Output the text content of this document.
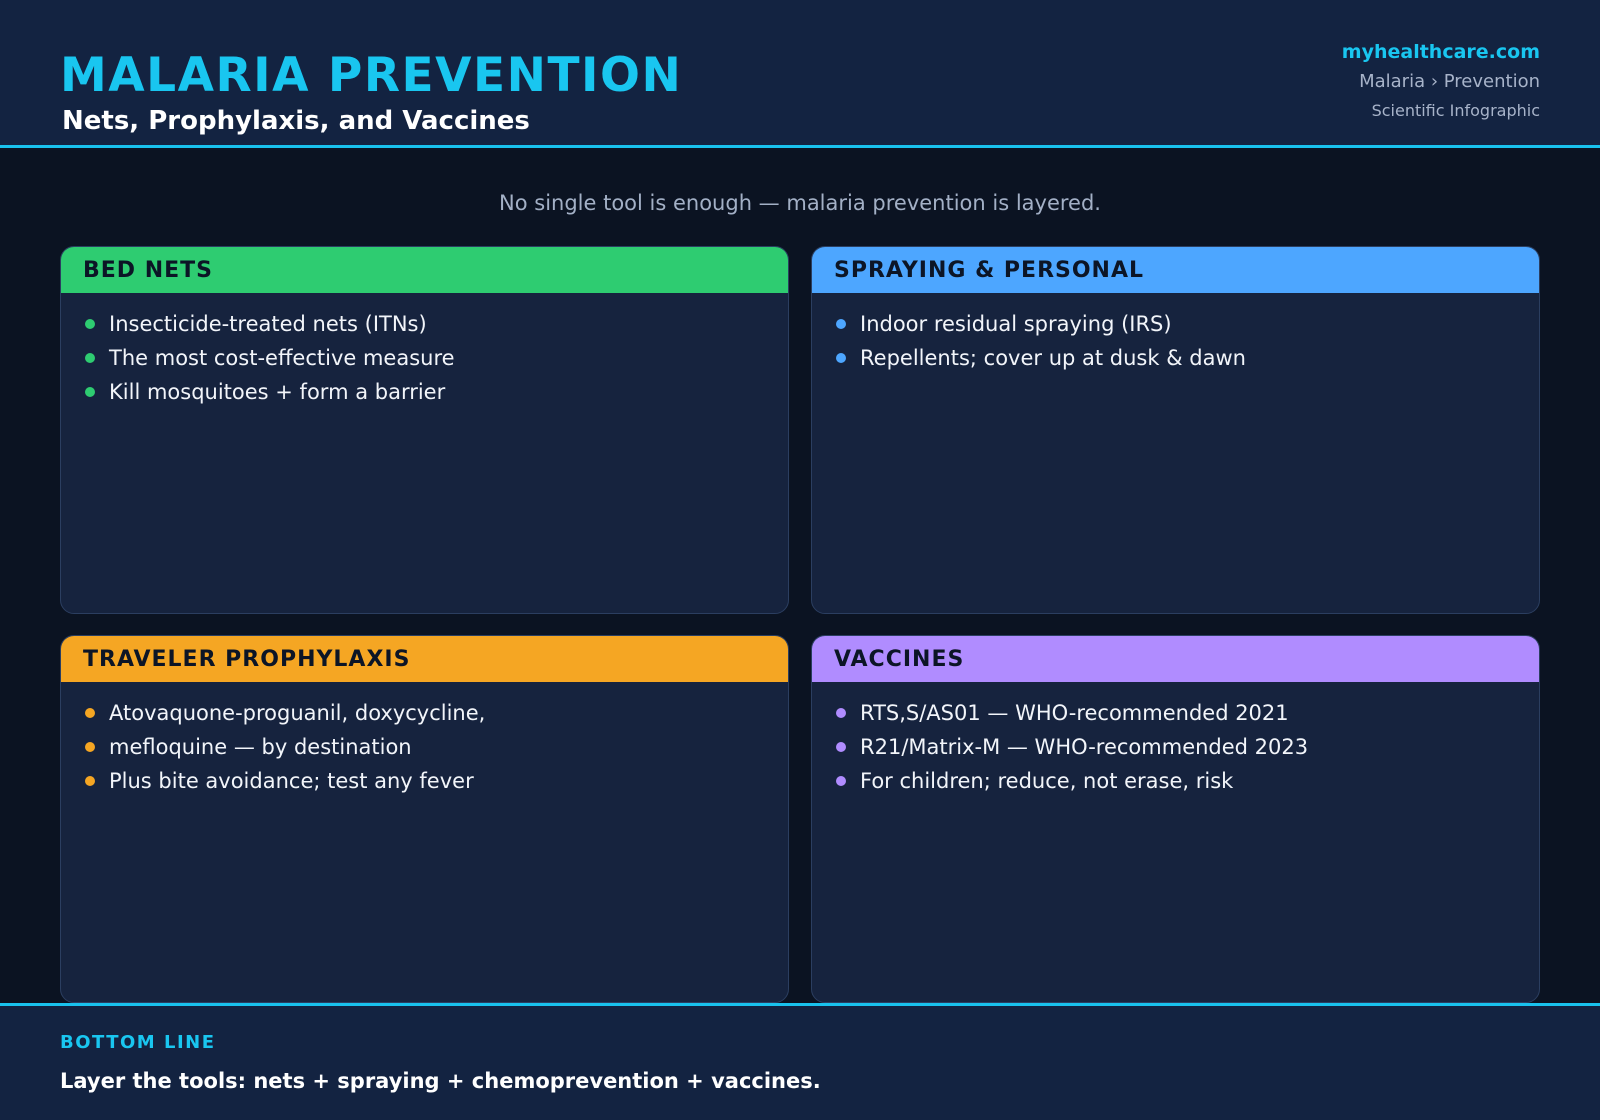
MALARIA PREVENTION
Nets, Prophylaxis, and Vaccines
myhealthcare.com
Malaria › Prevention
Scientific Infographic
No single tool is enough — malaria prevention is layered.
BED NETS
Insecticide-treated nets (ITNs)
The most cost-effective measure
Kill mosquitoes + form a barrier
SPRAYING & PERSONAL
Indoor residual spraying (IRS)
Repellents; cover up at dusk & dawn
TRAVELER PROPHYLAXIS
Atovaquone-proguanil, doxycycline,
mefloquine — by destination
Plus bite avoidance; test any fever
VACCINES
RTS,S/AS01 — WHO-recommended 2021
R21/Matrix-M — WHO-recommended 2023
For children; reduce, not erase, risk
BOTTOM LINE
Layer the tools: nets + spraying + chemoprevention + vaccines.
